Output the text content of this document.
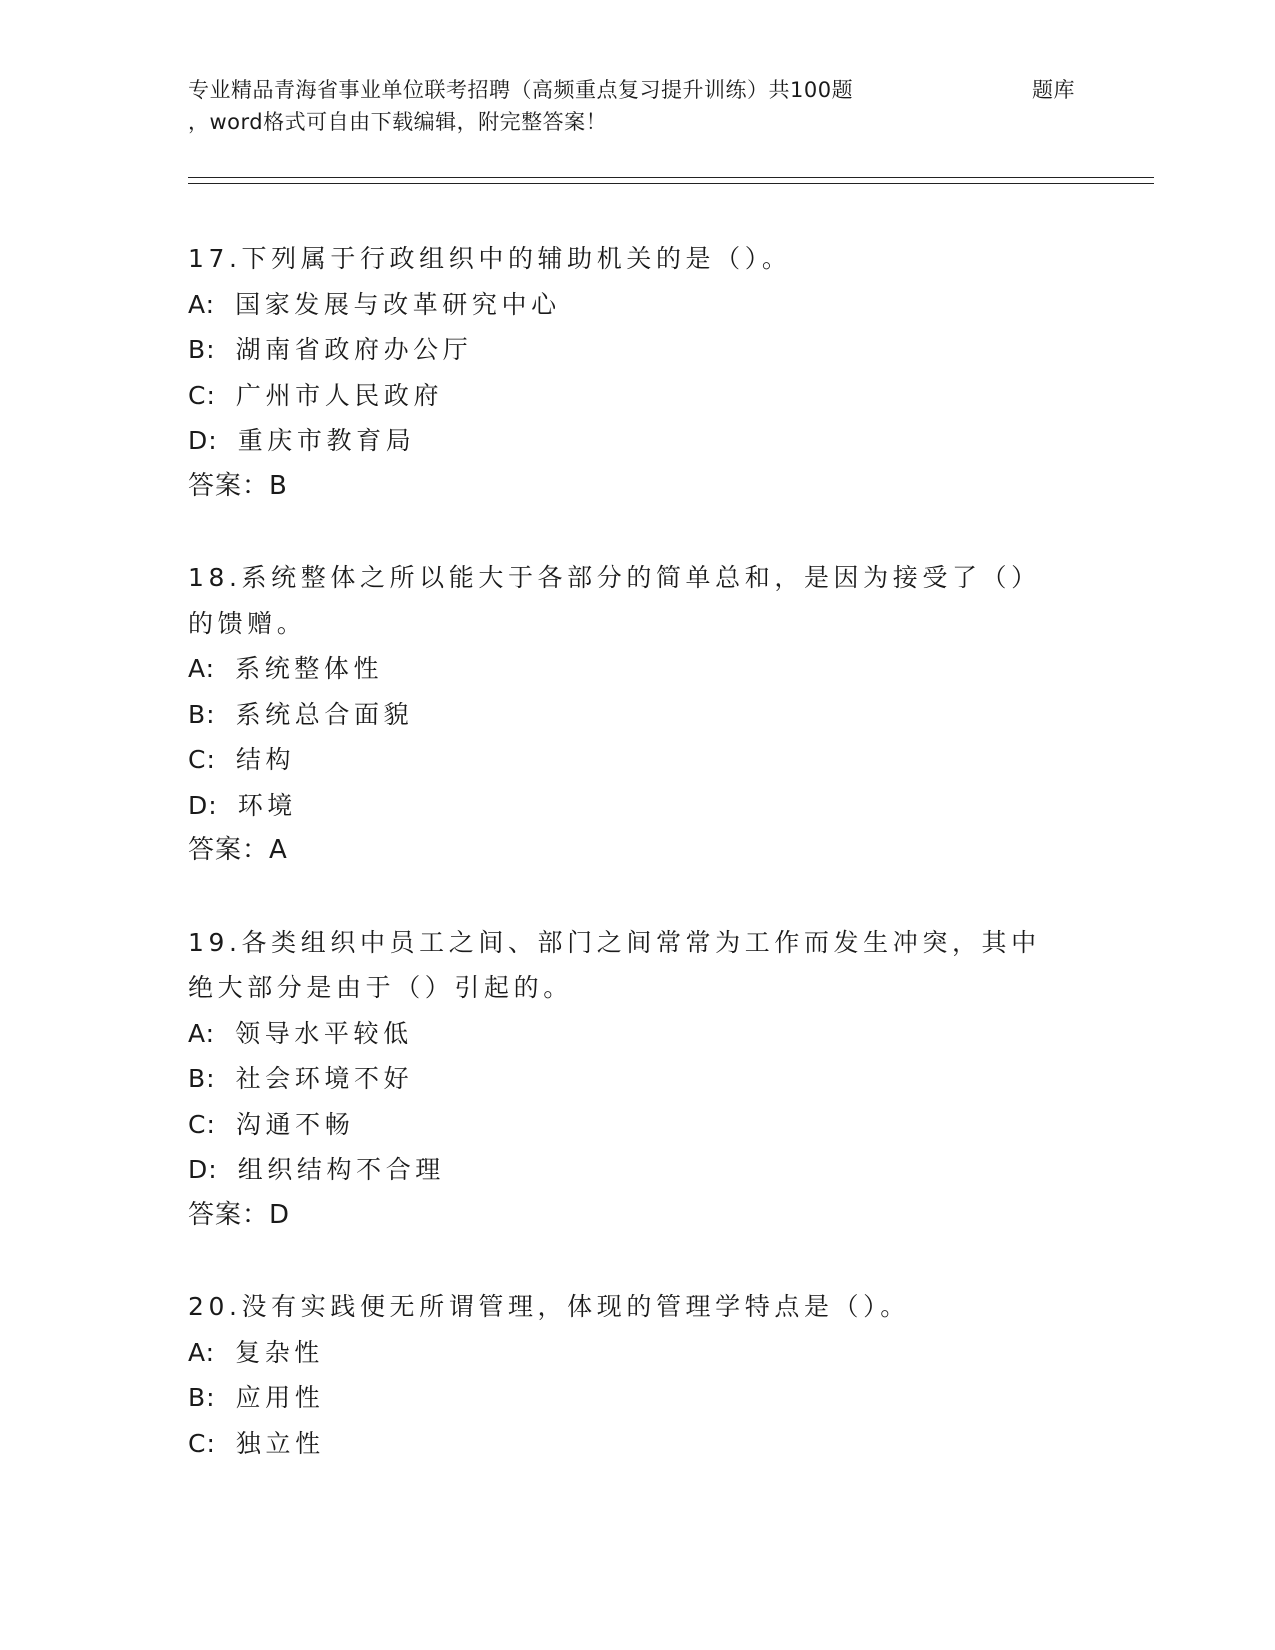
专业精品青海省事业单位联考招聘（高频重点复习提升训练）共100题	题库
，word格式可自由下载编辑，附完整答案！
17.下列属于行政组织中的辅助机关的是（）。
A: 国家发展与改革研究中心
B: 湖南省政府办公厅
C: 广州市人民政府
D: 重庆市教育局
答案：B
18.系统整体之所以能大于各部分的简单总和，是因为接受了（）的馈赠。
A: 系统整体性
B: 系统总合面貌
C: 结构
D: 环境
答案：A
19.各类组织中员工之间、部门之间常常为工作而发生冲突，其中绝大部分是由于（）引起的。
A: 领导水平较低
B: 社会环境不好
C: 沟通不畅
D: 组织结构不合理
答案：D
20.没有实践便无所谓管理，体现的管理学特点是（）。
A: 复杂性
B: 应用性
C: 独立性
